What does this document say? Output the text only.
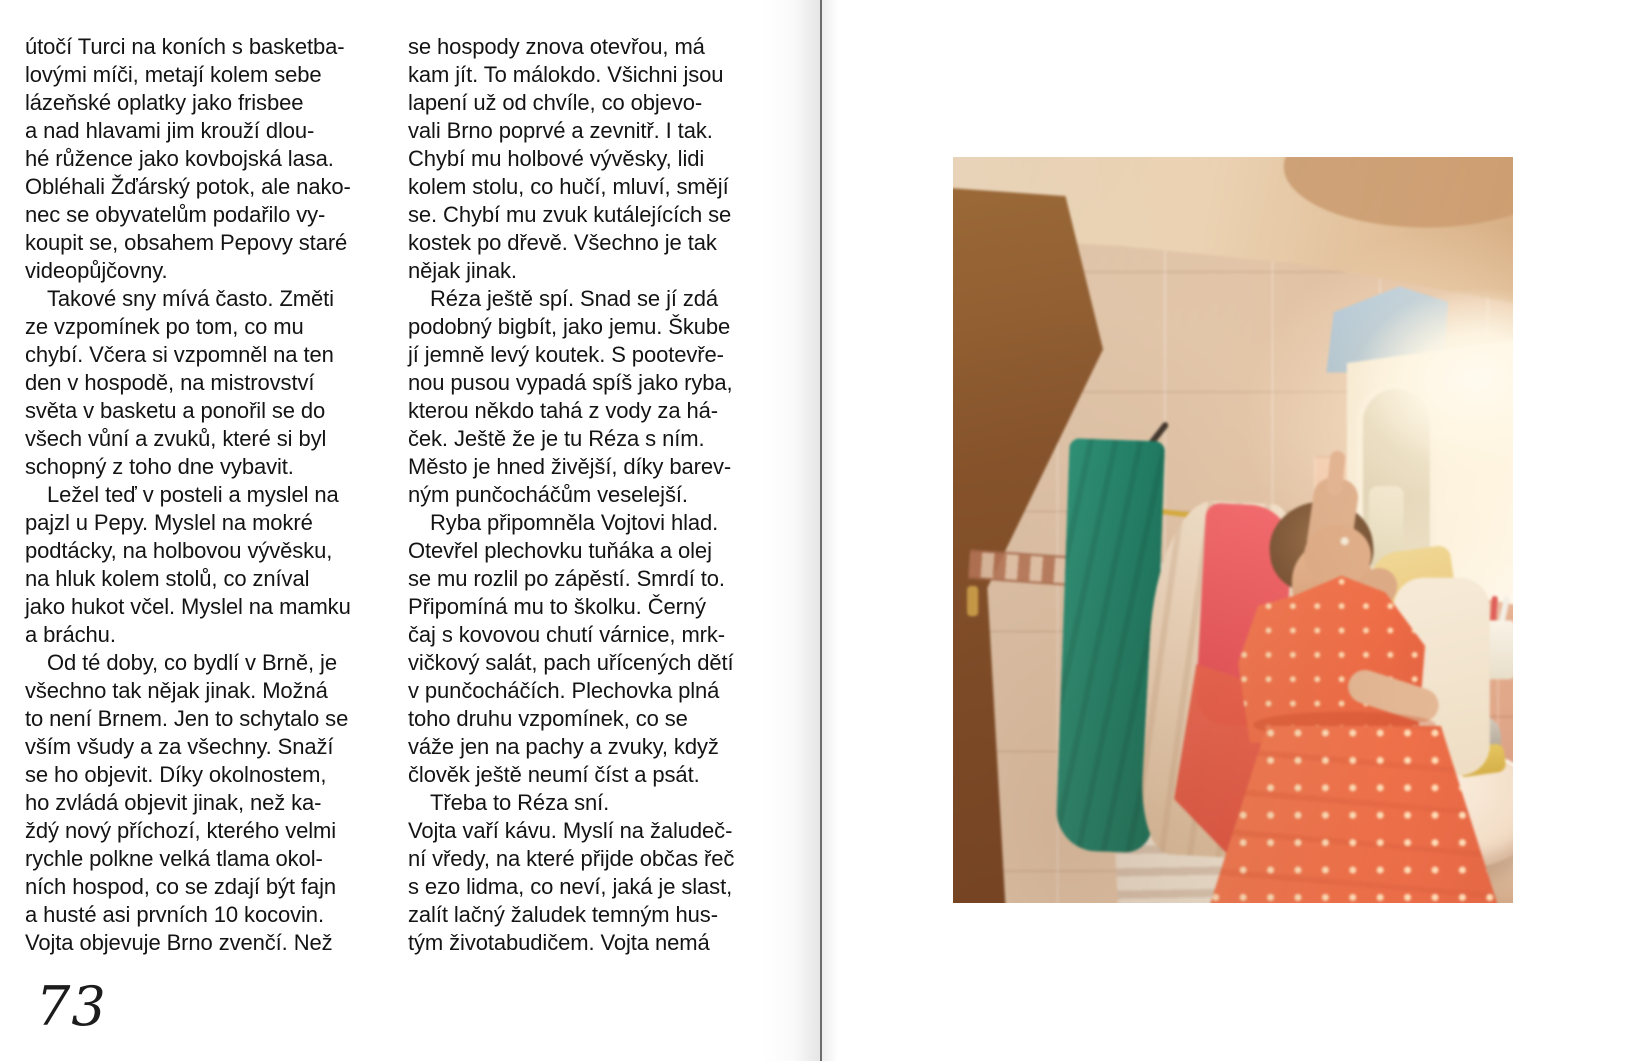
útočí Turci na koních s basketba-
lovými míči, metají kolem sebe
lázeňské oplatky jako frisbee
a nad hlavami jim krouží dlou-
hé růžence jako kovbojská lasa.
Obléhali Žďárský potok, ale nako-
nec se obyvatelům podařilo vy-
koupit se, obsahem Pepovy staré
videopůjčovny.
Takové sny mívá často. Změti
ze vzpomínek po tom, co mu
chybí. Včera si vzpomněl na ten
den v hospodě, na mistrovství
světa v basketu a ponořil se do
všech vůní a zvuků, které si byl
schopný z toho dne vybavit.
Ležel teď v posteli a myslel na
pajzl u Pepy. Myslel na mokré
podtácky, na holbovou vývěsku,
na hluk kolem stolů, co zníval
jako hukot včel. Myslel na mamku
a bráchu.
Od té doby, co bydlí v Brně, je
všechno tak nějak jinak. Možná
to není Brnem. Jen to schytalo se
vším všudy a za všechny. Snaží
se ho objevit. Díky okolnostem,
ho zvládá objevit jinak, než ka-
ždý nový příchozí, kterého velmi
rychle polkne velká tlama okol-
ních hospod, co se zdají být fajn
a husté asi prvních 10 kocovin.
Vojta objevuje Brno zvenčí. Než
se hospody znova otevřou, má
kam jít. To málokdo. Všichni jsou
lapení už od chvíle, co objevo-
vali Brno poprvé a zevnitř. I tak.
Chybí mu holbové vývěsky, lidi
kolem stolu, co hučí, mluví, smějí
se. Chybí mu zvuk kutálejících se
kostek po dřevě. Všechno je tak
nějak jinak.
Réza ještě spí. Snad se jí zdá
podobný bigbít, jako jemu. Škube
jí jemně levý koutek. S pootevře-
nou pusou vypadá spíš jako ryba,
kterou někdo tahá z vody za há-
ček. Ještě že je tu Réza s ním.
Město je hned živější, díky barev-
ným punčocháčům veselejší.
Ryba připomněla Vojtovi hlad.
Otevřel plechovku tuňáka a olej
se mu rozlil po zápěstí. Smrdí to.
Připomíná mu to školku. Černý
čaj s kovovou chutí várnice, mrk-
vičkový salát, pach uřícených dětí
v punčocháčích. Plechovka plná
toho druhu vzpomínek, co se
váže jen na pachy a zvuky, když
člověk ještě neumí číst a psát.
Třeba to Réza sní.
Vojta vaří kávu. Myslí na žaludeč-
ní vředy, na které přijde občas řeč
s ezo lidma, co neví, jaká je slast,
zalít lačný žaludek temným hus-
tým životabudičem. Vojta nemá
73
